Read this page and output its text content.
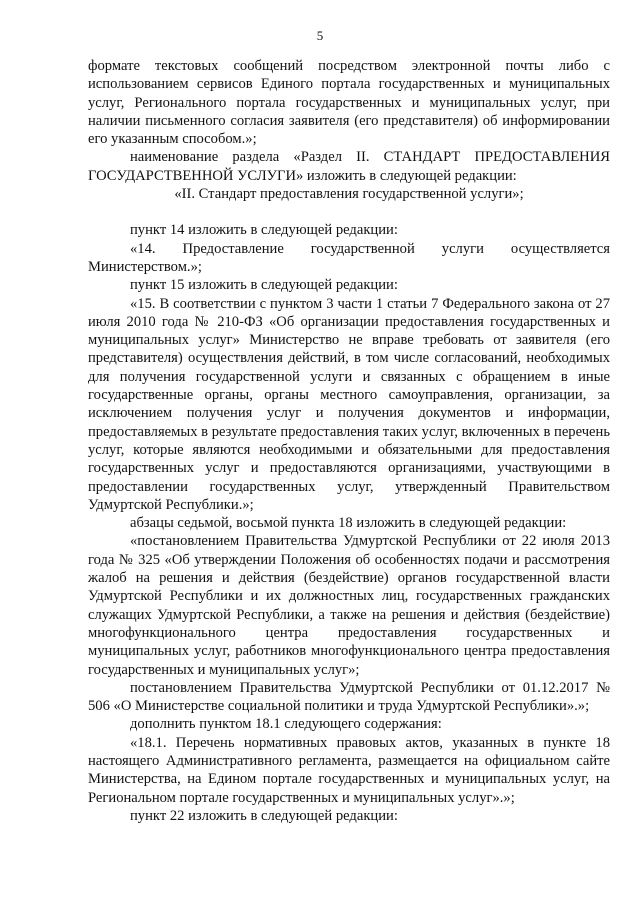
5

формате текстовых сообщений посредством электронной почты либо с использованием сервисов Единого портала государственных и муниципальных услуг, Регионального портала государственных и муниципальных услуг, при наличии письменного согласия заявителя (его представителя) об информировании его указанным способом.»;

наименование раздела «Раздел II. СТАНДАРТ ПРЕДОСТАВЛЕНИЯ ГОСУДАРСТВЕННОЙ УСЛУГИ» изложить в следующей редакции:

«II. Стандарт предоставления государственной услуги»;

пункт 14 изложить в следующей редакции:

«14. Предоставление государственной услуги осуществляется Министерством.»;

пункт 15 изложить в следующей редакции:

«15. В соответствии с пунктом 3 части 1 статьи 7 Федерального закона от 27 июля 2010 года № 210-ФЗ «Об организации предоставления государственных и муниципальных услуг» Министерство не вправе требовать от заявителя (его представителя) осуществления действий, в том числе согласований, необходимых для получения государственной услуги и связанных с обращением в иные государственные органы, органы местного самоуправления, организации, за исключением получения услуг и получения документов и информации, предоставляемых в результате предоставления таких услуг, включенных в перечень услуг, которые являются необходимыми и обязательными для предоставления государственных услуг и предоставляются организациями, участвующими в предоставлении государственных услуг, утвержденный Правительством Удмуртской Республики.»;

абзацы седьмой, восьмой пункта 18 изложить в следующей редакции:

«постановлением Правительства Удмуртской Республики от 22 июля 2013 года № 325 «Об утверждении Положения об особенностях подачи и рассмотрения жалоб на решения и действия (бездействие) органов государственной власти Удмуртской Республики и их должностных лиц, государственных гражданских служащих Удмуртской Республики, а также на решения и действия (бездействие) многофункционального центра предоставления государственных и муниципальных услуг, работников многофункционального центра предоставления государственных и муниципальных услуг»;

постановлением Правительства Удмуртской Республики от 01.12.2017 № 506 «О Министерстве социальной политики и труда Удмуртской Республики».»;

дополнить пунктом 18.1 следующего содержания:

«18.1. Перечень нормативных правовых актов, указанных в пункте 18 настоящего Административного регламента, размещается на официальном сайте Министерства, на Едином портале государственных и муниципальных услуг, на Региональном портале государственных и муниципальных услуг».»;

пункт 22 изложить в следующей редакции:
